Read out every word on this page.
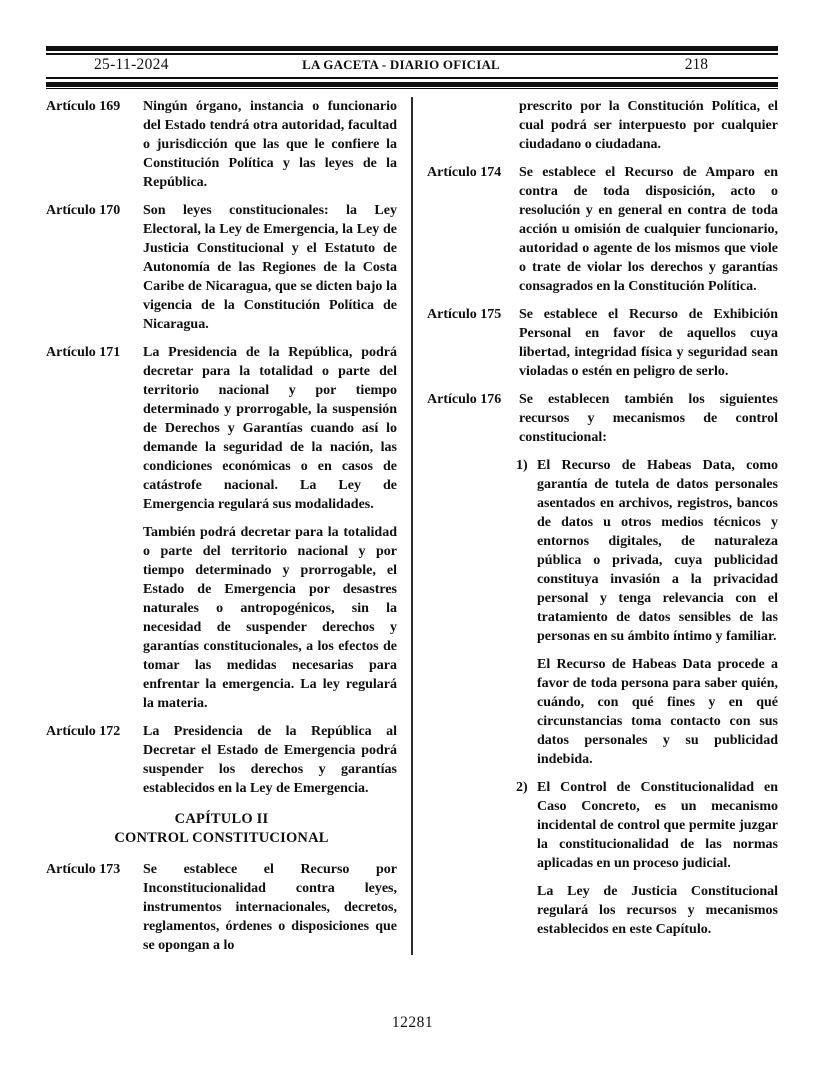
25-11-2024	LA GACETA - DIARIO OFICIAL	218
Artículo 169	Ningún órgano, instancia o funcionario del Estado tendrá otra autoridad, facultad o jurisdicción que las que le confiere la Constitución Política y las leyes de la República.
Artículo 170	Son leyes constitucionales: la Ley Electoral, la Ley de Emergencia, la Ley de Justicia Constitucional y el Estatuto de Autonomía de las Regiones de la Costa Caribe de Nicaragua, que se dicten bajo la vigencia de la Constitución Política de Nicaragua.
Artículo 171	La Presidencia de la República, podrá decretar para la totalidad o parte del territorio nacional y por tiempo determinado y prorrogable, la suspensión de Derechos y Garantías cuando así lo demande la seguridad de la nación, las condiciones económicas o en casos de catástrofe nacional. La Ley de Emergencia regulará sus modalidades.
También podrá decretar para la totalidad o parte del territorio nacional y por tiempo determinado y prorrogable, el Estado de Emergencia por desastres naturales o antropogénicos, sin la necesidad de suspender derechos y garantías constitucionales, a los efectos de tomar las medidas necesarias para enfrentar la emergencia. La ley regulará la materia.
Artículo 172	La Presidencia de la República al Decretar el Estado de Emergencia podrá suspender los derechos y garantías establecidos en la Ley de Emergencia.
CAPÍTULO II
CONTROL CONSTITUCIONAL
Artículo 173	Se establece el Recurso por Inconstitucionalidad contra leyes, instrumentos internacionales, decretos, reglamentos, órdenes o disposiciones que se opongan a lo
prescrito por la Constitución Política, el cual podrá ser interpuesto por cualquier ciudadano o ciudadana.
Artículo 174	Se establece el Recurso de Amparo en contra de toda disposición, acto o resolución y en general en contra de toda acción u omisión de cualquier funcionario, autoridad o agente de los mismos que viole o trate de violar los derechos y garantías consagrados en la Constitución Política.
Artículo 175	Se establece el Recurso de Exhibición Personal en favor de aquellos cuya libertad, integridad física y seguridad sean violadas o estén en peligro de serlo.
Artículo 176	Se establecen también los siguientes recursos y mecanismos de control constitucional:
1) El Recurso de Habeas Data, como garantía de tutela de datos personales asentados en archivos, registros, bancos de datos u otros medios técnicos y entornos digitales, de naturaleza pública o privada, cuya publicidad constituya invasión a la privacidad personal y tenga relevancia con el tratamiento de datos sensibles de las personas en su ámbito íntimo y familiar.
El Recurso de Habeas Data procede a favor de toda persona para saber quién, cuándo, con qué fines y en qué circunstancias toma contacto con sus datos personales y su publicidad indebida.
2) El Control de Constitucionalidad en Caso Concreto, es un mecanismo incidental de control que permite juzgar la constitucionalidad de las normas aplicadas en un proceso judicial.
La Ley de Justicia Constitucional regulará los recursos y mecanismos establecidos en este Capítulo.
12281
